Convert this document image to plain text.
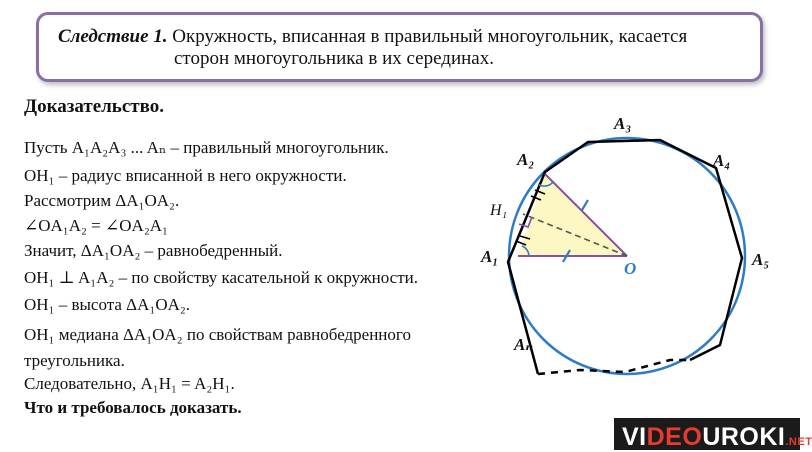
Следствие 1. Окружность, вписанная в правильный многоугольник, касается
сторон многоугольника в их серединах.
Доказательство.
Пусть A₁A₂A₃ ... Aₙ – правильный многоугольник.
OH₁ – радиус вписанной в него окружности.
Рассмотрим ΔA₁OA₂.
∠OA₁A₂ = ∠OA₂A₁
Значит, ΔA₁OA₂ – равнобедренный.
OH₁ ⊥ A₁A₂ – по свойству касательной к окружности.
OH₁ – высота ΔA₁OA₂.
OH₁ медиана ΔA₁OA₂ по свойствам равнобедренного
треугольника.
Следовательно, A₁H₁ = A₂H₁.
Что и требовалось доказать.
A₁
A₂
A₃
A₄
A₅
Aₙ
H₁
O
VIDEOUROKI.NET
